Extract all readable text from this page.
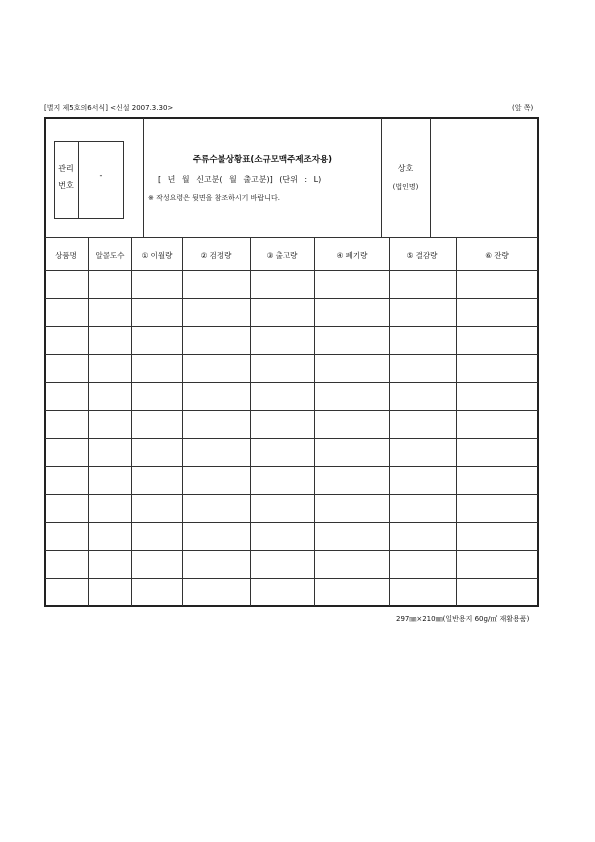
[별지 제5호의6서식] <신설 2007.3.30>	(앞 쪽)
관리
번호
-
주류수불상황표(소규모맥주제조자용)
[ 년 월 신고분( 월 출고분)] (단위 : L)
※ 작성요령은 뒷면을 참조하시기 바랍니다.
상호
(법인명)
상품명 알콜도수 ① 이월량	② 검정량	③ 출고량	④ 폐기량	⑤ 결감량	⑥ 잔량
297㎜×210㎜(일반용지 60g/㎡ 재활용품)
